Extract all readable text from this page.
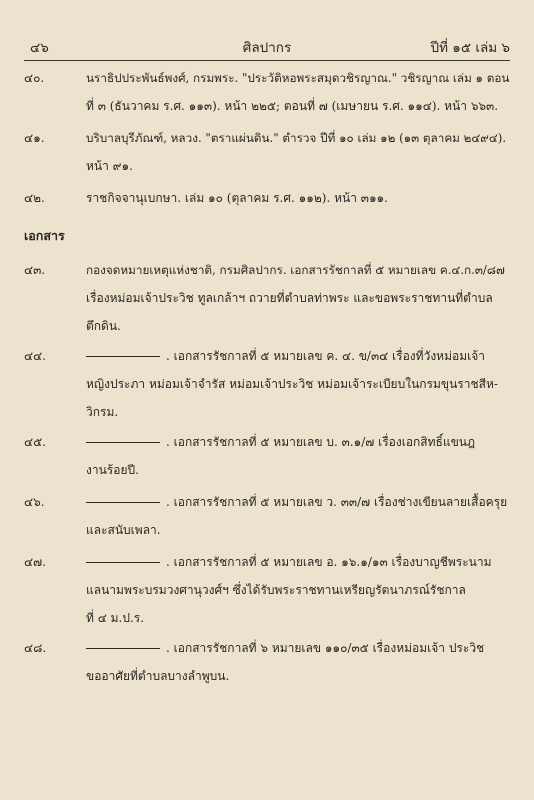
๔๖	ศิลปากร	ปีที่ ๑๕ เล่ม ๖
๔๐.	นราธิปประพันธ์พงศ์, กรมพระ. "ประวัติหอพระสมุดวชิรญาณ." วชิรญาณ เล่ม ๑ ตอน
ที่ ๓ (ธันวาคม ร.ศ. ๑๑๓). หน้า ๒๒๕; ตอนที่ ๗ (เมษายน ร.ศ. ๑๑๔). หน้า ๖๖๓.
๔๑.	บริบาลบุรีภัณฑ์, หลวง. "ตราแผ่นดิน." ตำรวจ ปีที่ ๑๐ เล่ม ๑๒ (๑๓ ตุลาคม ๒๔๙๔).
หน้า ๙๑.
๔๒.	ราชกิจจานุเบกษา. เล่ม ๑๐ (ตุลาคม ร.ศ. ๑๑๒). หน้า ๓๑๑.
เอกสาร
๔๓.	กองจดหมายเหตุแห่งชาติ, กรมศิลปากร. เอกสารรัชกาลที่ ๕ หมายเลข ค.๔.ก.๓/๘๗
เรื่องหม่อมเจ้าประวิช ทูลเกล้าฯ ถวายที่ตำบลท่าพระ และขอพระราชทานที่ตำบล
ตึกดิน.
๔๔.	. เอกสารรัชกาลที่ ๕ หมายเลข ค. ๔. ข/๓๔ เรื่องที่วังหม่อมเจ้า
หญิงประภา หม่อมเจ้าจำรัส หม่อมเจ้าประวิช หม่อมเจ้าระเบียบในกรมขุนราชสีห-
วิกรม.
๔๕.	. เอกสารรัชกาลที่ ๕ หมายเลข บ. ๓.๑/๗ เรื่องเอกสิทธิ์แขนฎ
งานร้อยปี.
๔๖.	. เอกสารรัชกาลที่ ๕ หมายเลข ว. ๓๓/๗ เรื่องช่างเขียนลายเสื้อครุย
และสนับเพลา.
๔๗.	. เอกสารรัชกาลที่ ๕ หมายเลข อ. ๑๖.๑/๑๓ เรื่องบาญชีพระนาม
แลนามพระบรมวงศานุวงศ์ฯ ซึ่งได้รับพระราชทานเหรียญรัตนาภรณ์รัชกาล
ที่ ๔ ม.ป.ร.
๔๘.	. เอกสารรัชกาลที่ ๖ หมายเลข ๑๑๐/๓๕ เรื่องหม่อมเจ้า ประวิช
ขออาศัยที่ตำบลบางลำพูบน.
